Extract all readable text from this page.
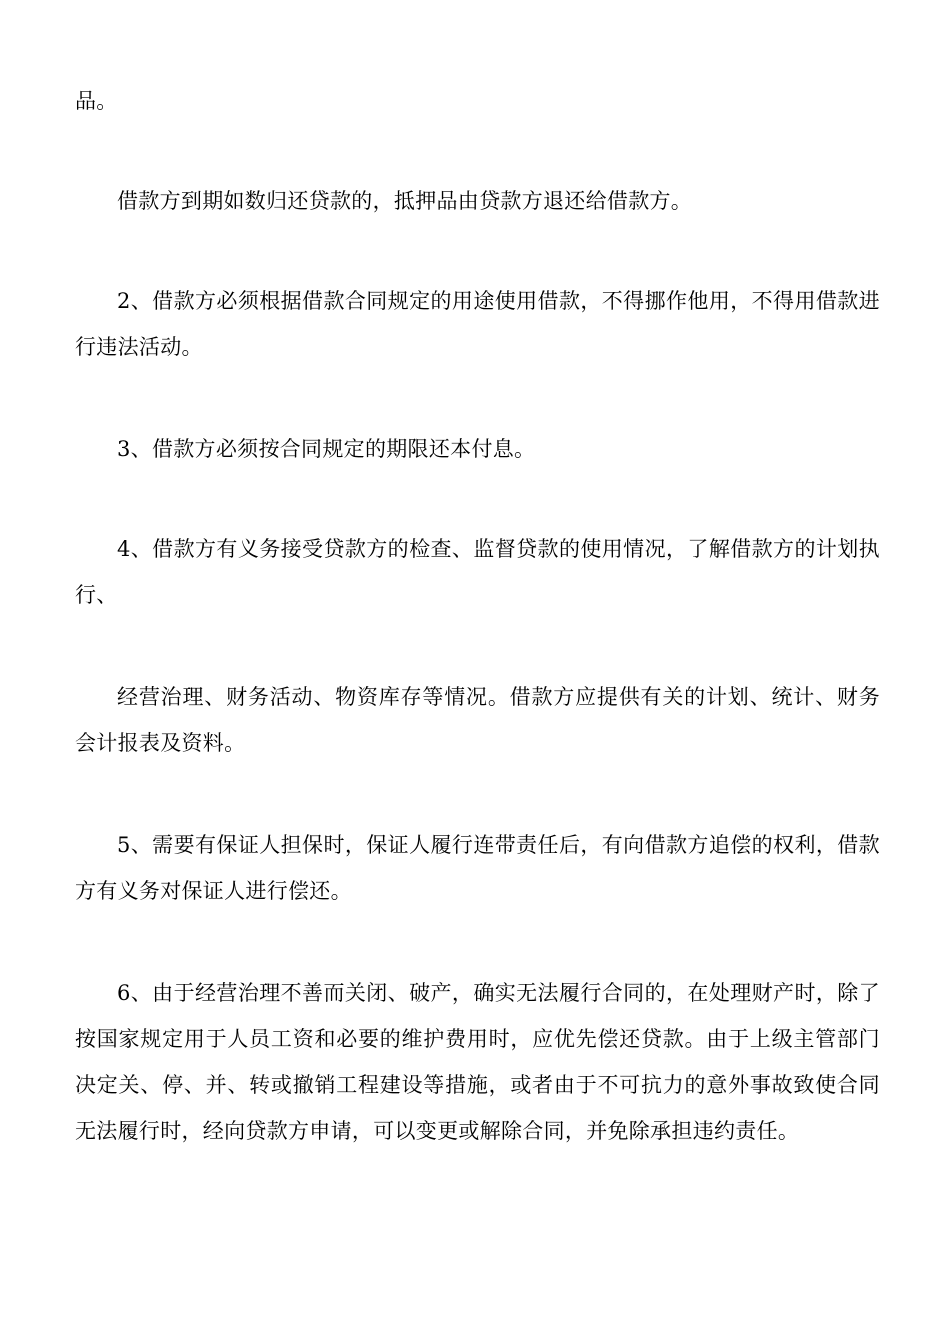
品。

借款方到期如数归还贷款的，抵押品由贷款方退还给借款方。

2、借款方必须根据借款合同规定的用途使用借款，不得挪作他用，不得用借款进行违法活动。

3、借款方必须按合同规定的期限还本付息。

4、借款方有义务接受贷款方的检查、监督贷款的使用情况，了解借款方的计划执行、

经营治理、财务活动、物资库存等情况。借款方应提供有关的计划、统计、财务会计报表及资料。

5、需要有保证人担保时，保证人履行连带责任后，有向借款方追偿的权利，借款方有义务对保证人进行偿还。

6、由于经营治理不善而关闭、破产，确实无法履行合同的，在处理财产时，除了按国家规定用于人员工资和必要的维护费用时，应优先偿还贷款。由于上级主管部门决定关、停、并、转或撤销工程建设等措施，或者由于不可抗力的意外事故致使合同无法履行时，经向贷款方申请，可以变更或解除合同，并免除承担违约责任。
